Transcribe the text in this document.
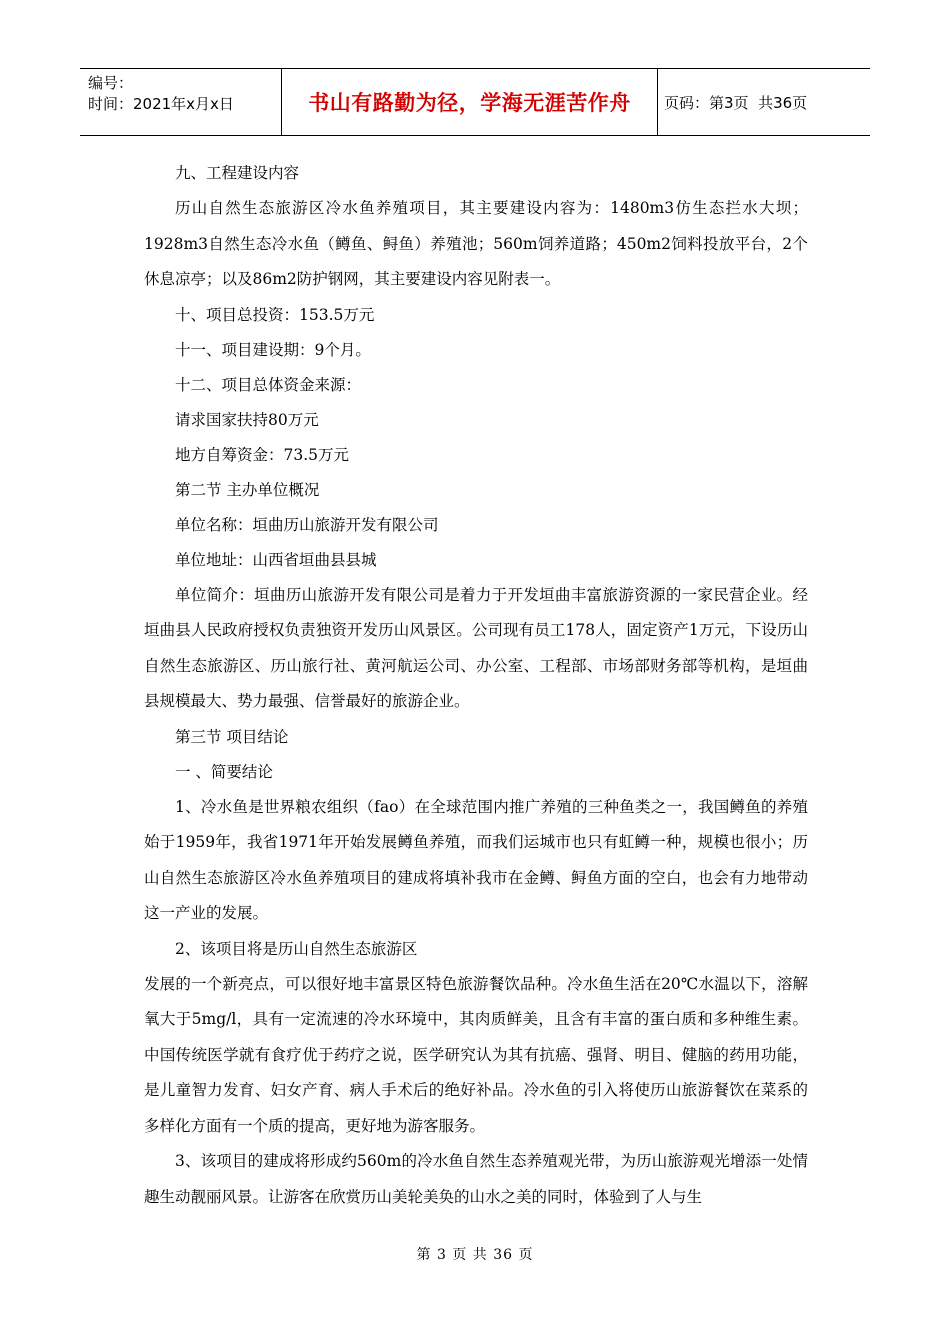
编号：
时间：2021年x月x日	书山有路勤为径，学海无涯苦作舟	页码：第3页  共36页

九、工程建设内容

历山自然生态旅游区冷水鱼养殖项目，其主要建设内容为：1480m3仿生态拦水大坝；1928m3自然生态冷水鱼（鳟鱼、鲟鱼）养殖池；560m饲养道路；450m2饲料投放平台，2个休息凉亭；以及86m2防护钢网，其主要建设内容见附表一。

十、项目总投资：153.5万元

十一、项目建设期：9个月。

十二、项目总体资金来源：

请求国家扶持80万元

地方自筹资金：73.5万元

第二节 主办单位概况

单位名称：垣曲历山旅游开发有限公司

单位地址：山西省垣曲县县城

单位简介：垣曲历山旅游开发有限公司是着力于开发垣曲丰富旅游资源的一家民营企业。经垣曲县人民政府授权负责独资开发历山风景区。公司现有员工178人，固定资产1万元，下设历山自然生态旅游区、历山旅行社、黄河航运公司、办公室、工程部、市场部财务部等机构，是垣曲县规模最大、势力最强、信誉最好的旅游企业。

第三节 项目结论

一 、简要结论

1、冷水鱼是世界粮农组织（fao）在全球范围内推广养殖的三种鱼类之一，我国鳟鱼的养殖始于1959年，我省1971年开始发展鳟鱼养殖，而我们运城市也只有虹鳟一种，规模也很小；历山自然生态旅游区冷水鱼养殖项目的建成将填补我市在金鳟、鲟鱼方面的空白，也会有力地带动这一产业的发展。

2、该项目将是历山自然生态旅游区

发展的一个新亮点，可以很好地丰富景区特色旅游餐饮品种。冷水鱼生活在20℃水温以下，溶解氧大于5mg/l，具有一定流速的冷水环境中，其肉质鲜美，且含有丰富的蛋白质和多种维生素。中国传统医学就有食疗优于药疗之说，医学研究认为其有抗癌、强肾、明目、健脑的药用功能，是儿童智力发育、妇女产育、病人手术后的绝好补品。冷水鱼的引入将使历山旅游餐饮在菜系的多样化方面有一个质的提高，更好地为游客服务。

3、该项目的建成将形成约560m的冷水鱼自然生态养殖观光带，为历山旅游观光增添一处情趣生动靓丽风景。让游客在欣赏历山美轮美奂的山水之美的同时，体验到了人与生

第 3 页 共 36 页
